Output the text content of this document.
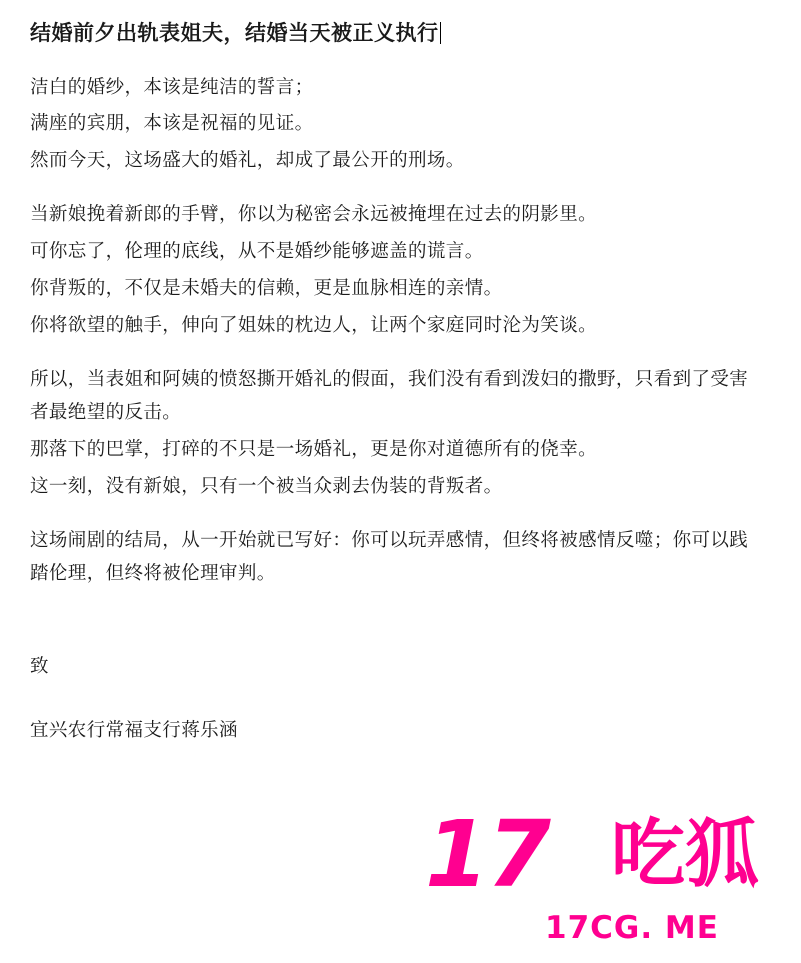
结婚前夕出轨表姐夫，结婚当天被正义执行

洁白的婚纱，本该是纯洁的誓言；

满座的宾朋，本该是祝福的见证。

然而今天，这场盛大的婚礼，却成了最公开的刑场。

当新娘挽着新郎的手臂，你以为秘密会永远被掩埋在过去的阴影里。

可你忘了，伦理的底线，从不是婚纱能够遮盖的谎言。

你背叛的，不仅是未婚夫的信赖，更是血脉相连的亲情。

你将欲望的触手，伸向了姐妹的枕边人，让两个家庭同时沦为笑谈。

所以，当表姐和阿姨的愤怒撕开婚礼的假面，我们没有看到泼妇的撒野，只看到了受害者最绝望的反击。

那落下的巴掌，打碎的不只是一场婚礼，更是你对道德所有的侥幸。

这一刻，没有新娘，只有一个被当众剥去伪装的背叛者。

这场闹剧的结局，从一开始就已写好：你可以玩弄感情，但终将被感情反噬；你可以践踏伦理，但终将被伦理审判。

致

宜兴农行常福支行蒋乐涵

17 吃狐
17CG. ME
